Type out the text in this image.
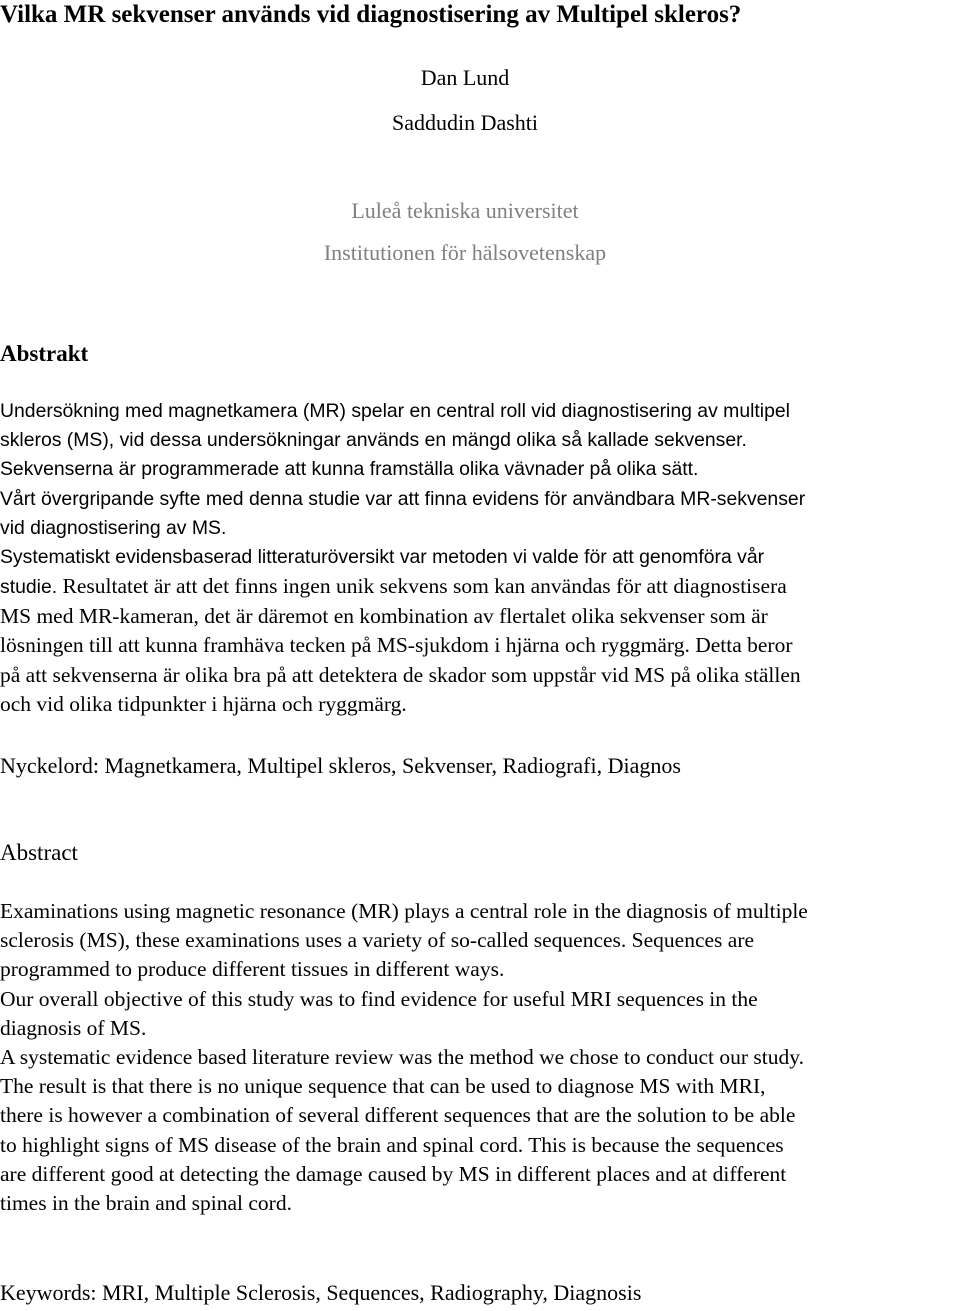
Vilka MR sekvenser används vid diagnostisering av Multipel skleros?
Dan Lund
Saddudin Dashti
Luleå tekniska universitet
Institutionen för hälsovetenskap
Abstrakt
Undersökning med magnetkamera (MR) spelar en central roll vid diagnostisering av multipel
skleros (MS), vid dessa undersökningar används en mängd olika så kallade sekvenser.
Sekvenserna är programmerade att kunna framställa olika vävnader på olika sätt.
Vårt övergripande syfte med denna studie var att finna evidens för användbara MR-sekvenser
vid diagnostisering av MS.
Systematiskt evidensbaserad litteraturöversikt var metoden vi valde för att genomföra vår
studie. Resultatet är att det finns ingen unik sekvens som kan användas för att diagnostisera
MS med MR-kameran, det är däremot en kombination av flertalet olika sekvenser som är
lösningen till att kunna framhäva tecken på MS-sjukdom i hjärna och ryggmärg. Detta beror
på att sekvenserna är olika bra på att detektera de skador som uppstår vid MS på olika ställen
och vid olika tidpunkter i hjärna och ryggmärg.
Nyckelord: Magnetkamera, Multipel skleros, Sekvenser, Radiografi, Diagnos
Abstract
Examinations using magnetic resonance (MR) plays a central role in the diagnosis of multiple
sclerosis (MS), these examinations uses a variety of so-called sequences. Sequences are
programmed to produce different tissues in different ways.
Our overall objective of this study was to find evidence for useful MRI sequences in the
diagnosis of MS.
A systematic evidence based literature review was the method we chose to conduct our study.
The result is that there is no unique sequence that can be used to diagnose MS with MRI,
there is however a combination of several different sequences that are the solution to be able
to highlight signs of MS disease of the brain and spinal cord. This is because the sequences
are different good at detecting the damage caused by MS in different places and at different
times in the brain and spinal cord.
Keywords: MRI, Multiple Sclerosis, Sequences, Radiography, Diagnosis
